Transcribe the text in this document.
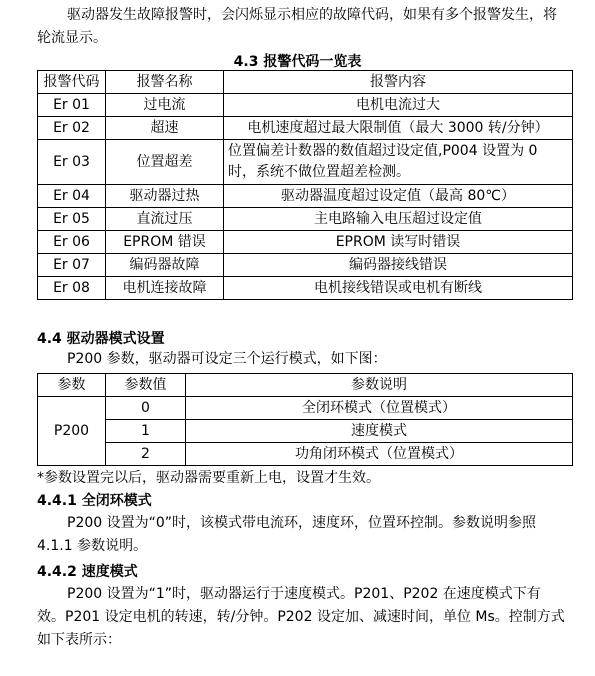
驱动器发生故障报警时，会闪烁显示相应的故障代码，如果有多个报警发生，将轮流显示。
4.3 报警代码一览表
报警代码	报警名称	报警内容
Er 01	过电流	电机电流过大
Er 02	超速	电机速度超过最大限制值（最大 3000 转/分钟）
Er 03	位置超差	位置偏差计数器的数值超过设定值,P004 设置为 0 时，系统不做位置超差检测。
Er 04	驱动器过热	驱动器温度超过设定值（最高 80℃）
Er 05	直流过压	主电路输入电压超过设定值
Er 06	EPROM 错误	EPROM 读写时错误
Er 07	编码器故障	编码器接线错误
Er 08	电机连接故障	电机接线错误或电机有断线
4.4 驱动器模式设置
P200 参数，驱动器可设定三个运行模式，如下图：
参数	参数值	参数说明
P200	0	全闭环模式（位置模式）
	1	速度模式
	2	功角闭环模式（位置模式）
*参数设置完以后，驱动器需要重新上电，设置才生效。
4.4.1 全闭环模式
P200 设置为“0”时，该模式带电流环，速度环，位置环控制。参数说明参照 4.1.1 参数说明。
4.4.2 速度模式
P200 设置为“1”时，驱动器运行于速度模式。P201、P202 在速度模式下有效。P201 设定电机的转速，转/分钟。P202 设定加、减速时间，单位 Ms。控制方式如下表所示：
